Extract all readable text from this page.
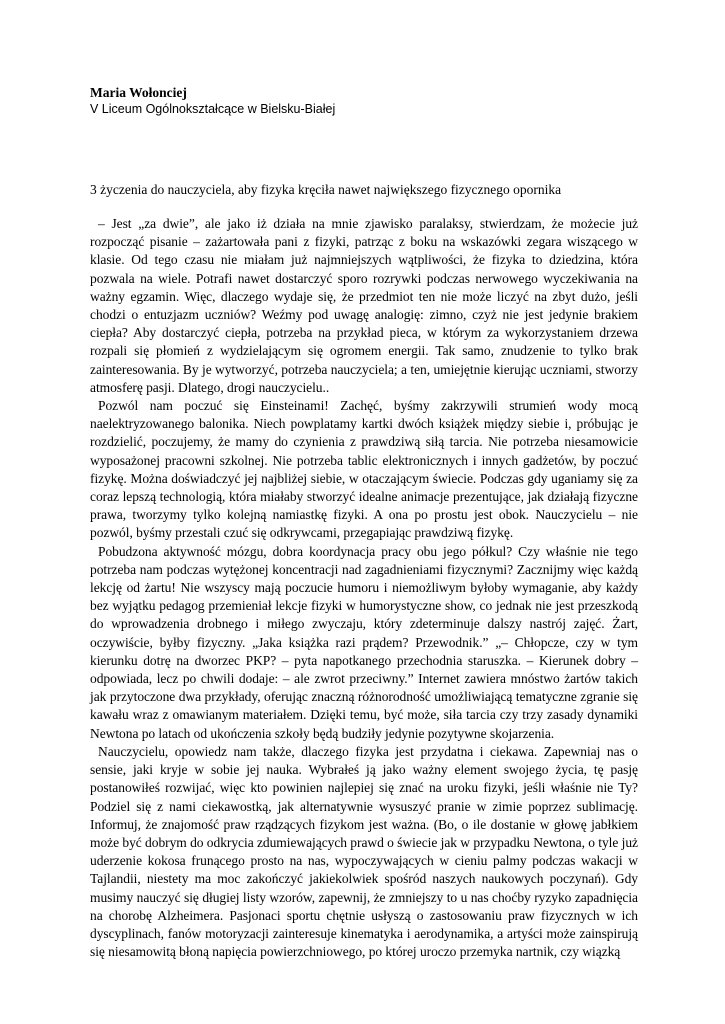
Maria Wołonciej

V Liceum Ogólnokształcące w Bielsku-Białej

3 życzenia do nauczyciela, aby fizyka kręciła nawet największego fizycznego opornika

– Jest „za dwie”, ale jako iż działa na mnie zjawisko paralaksy, stwierdzam, że możecie już rozpocząć pisanie – zażartowała pani z fizyki, patrząc z boku na wskazówki zegara wiszącego w klasie. Od tego czasu nie miałam już najmniejszych wątpliwości, że fizyka to dziedzina, która pozwala na wiele. Potrafi nawet dostarczyć sporo rozrywki podczas nerwowego wyczekiwania na ważny egzamin. Więc, dlaczego wydaje się, że przedmiot ten nie może liczyć na zbyt dużo, jeśli chodzi o entuzjazm uczniów? Weźmy pod uwagę analogię: zimno, czyż nie jest jedynie brakiem ciepła? Aby dostarczyć ciepła, potrzeba na przykład pieca, w którym za wykorzystaniem drzewa rozpali się płomień z wydzielającym się ogromem energii. Tak samo, znudzenie to tylko brak zainteresowania. By je wytworzyć, potrzeba nauczyciela; a ten, umiejętnie kierując uczniami, stworzy atmosferę pasji. Dlatego, drogi nauczycielu..

Pozwól nam poczuć się Einsteinami! Zachęć, byśmy zakrzywili strumień wody mocą naelektryzowanego balonika. Niech powplatamy kartki dwóch książek między siebie i, próbując je rozdzielić, poczujemy, że mamy do czynienia z prawdziwą siłą tarcia. Nie potrzeba niesamowicie wyposażonej pracowni szkolnej. Nie potrzeba tablic elektronicznych i innych gadżetów, by poczuć fizykę. Można doświadczyć jej najbliżej siebie, w otaczającym świecie. Podczas gdy uganiamy się za coraz lepszą technologią, która miałaby stworzyć idealne animacje prezentujące, jak działają fizyczne prawa, tworzymy tylko kolejną namiastkę fizyki. A ona po prostu jest obok. Nauczycielu – nie pozwól, byśmy przestali czuć się odkrywcami, przegapiając prawdziwą fizykę.

Pobudzona aktywność mózgu, dobra koordynacja pracy obu jego półkul? Czy właśnie nie tego potrzeba nam podczas wytężonej koncentracji nad zagadnieniami fizycznymi? Zacznijmy więc każdą lekcję od żartu! Nie wszyscy mają poczucie humoru i niemożliwym byłoby wymaganie, aby każdy bez wyjątku pedagog przemieniał lekcje fizyki w humorystyczne show, co jednak nie jest przeszkodą do wprowadzenia drobnego i miłego zwyczaju, który zdeterminuje dalszy nastrój zajęć. Żart, oczywiście, byłby fizyczny. „Jaka książka razi prądem? Przewodnik.” „– Chłopcze, czy w tym kierunku dotrę na dworzec PKP? – pyta napotkanego przechodnia staruszka. – Kierunek dobry – odpowiada, lecz po chwili dodaje: – ale zwrot przeciwny.” Internet zawiera mnóstwo żartów takich jak przytoczone dwa przykłady, oferując znaczną różnorodność umożliwiającą tematyczne zgranie się kawału wraz z omawianym materiałem. Dzięki temu, być może, siła tarcia czy trzy zasady dynamiki Newtona po latach od ukończenia szkoły będą budziły jedynie pozytywne skojarzenia.

Nauczycielu, opowiedz nam także, dlaczego fizyka jest przydatna i ciekawa. Zapewniaj nas o sensie, jaki kryje w sobie jej nauka. Wybrałeś ją jako ważny element swojego życia, tę pasję postanowiłeś rozwijać, więc kto powinien najlepiej się znać na uroku fizyki, jeśli właśnie nie Ty? Podziel się z nami ciekawostką, jak alternatywnie wysuszyć pranie w zimie poprzez sublimację. Informuj, że znajomość praw rządzących fizykom jest ważna. (Bo, o ile dostanie w głowę jabłkiem może być dobrym do odkrycia zdumiewających prawd o świecie jak w przypadku Newtona, o tyle już uderzenie kokosa frunącego prosto na nas, wypoczywających w cieniu palmy podczas wakacji w Tajlandii, niestety ma moc zakończyć jakiekolwiek spośród naszych naukowych poczynań). Gdy musimy nauczyć się długiej listy wzorów, zapewnij, że zmniejszy to u nas choćby ryzyko zapadnięcia na chorobę Alzheimera. Pasjonaci sportu chętnie usłyszą o zastosowaniu praw fizycznych w ich dyscyplinach, fanów motoryzacji zainteresuje kinematyka i aerodynamika, a artyści może zainspirują się niesamowitą błoną napięcia powierzchniowego, po której uroczo przemyka nartnik, czy wiązką
